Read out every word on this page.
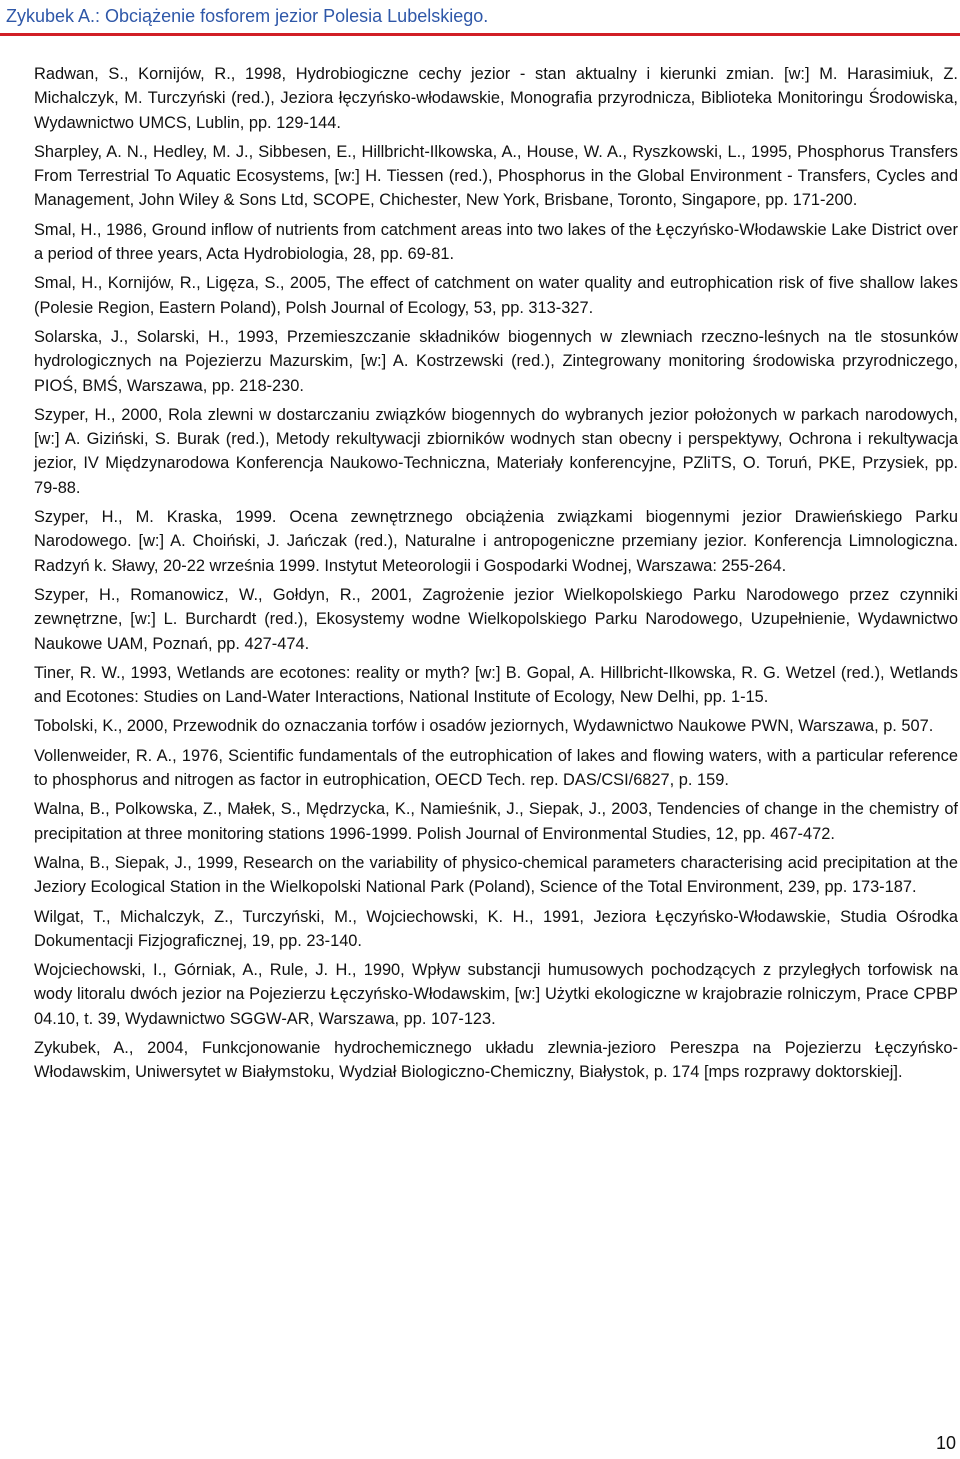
Zykubek A.: Obciążenie fosforem jezior Polesia Lubelskiego.

Radwan, S., Kornijów, R., 1998, Hydrobiogiczne cechy jezior - stan aktualny i kierunki zmian. [w:] M. Harasimiuk, Z. Michalczyk, M. Turczyński (red.), Jeziora łęczyńsko-włodawskie, Monografia przyrodnicza, Biblioteka Monitoringu Środowiska, Wydawnictwo UMCS, Lublin, pp. 129-144.

Sharpley, A. N., Hedley, M. J., Sibbesen, E., Hillbricht-Ilkowska, A., House, W. A., Ryszkowski, L., 1995, Phosphorus Transfers From Terrestrial To Aquatic Ecosystems, [w:] H. Tiessen (red.), Phosphorus in the Global Environment - Transfers, Cycles and Management, John Wiley & Sons Ltd, SCOPE, Chichester, New York, Brisbane, Toronto, Singapore, pp. 171-200.

Smal, H., 1986, Ground inflow of nutrients from catchment areas into two lakes of the Łęczyńsko-Włodawskie Lake District over a period of three years, Acta Hydrobiologia, 28, pp. 69-81.

Smal, H., Kornijów, R., Ligęza, S., 2005, The effect of catchment on water quality and eutrophication risk of five shallow lakes (Polesie Region, Eastern Poland), Polsh Journal of Ecology, 53, pp. 313-327.

Solarska, J., Solarski, H., 1993, Przemieszczanie składników biogennych w zlewniach rzeczno-leśnych na tle stosunków hydrologicznych na Pojezierzu Mazurskim, [w:] A. Kostrzewski (red.), Zintegrowany monitoring środowiska przyrodniczego, PIOŚ, BMŚ, Warszawa, pp. 218-230.

Szyper, H., 2000, Rola zlewni w dostarczaniu związków biogennych do wybranych jezior położonych w parkach narodowych, [w:] A. Giziński, S. Burak (red.), Metody rekultywacji zbiorników wodnych stan obecny i perspektywy, Ochrona i rekultywacja jezior, IV Międzynarodowa Konferencja Naukowo-Techniczna, Materiały konferencyjne, PZliTS, O. Toruń, PKE, Przysiek, pp. 79-88.

Szyper, H., M. Kraska, 1999. Ocena zewnętrznego obciążenia związkami biogennymi jezior Drawieńskiego Parku Narodowego. [w:] A. Choiński, J. Jańczak (red.), Naturalne i antropogeniczne przemiany jezior. Konferencja Limnologiczna. Radzyń k. Sławy, 20-22 września 1999. Instytut Meteorologii i Gospodarki Wodnej, Warszawa: 255-264.

Szyper, H., Romanowicz, W., Gołdyn, R., 2001, Zagrożenie jezior Wielkopolskiego Parku Narodowego przez czynniki zewnętrzne, [w:] L. Burchardt (red.), Ekosystemy wodne Wielkopolskiego Parku Narodowego, Uzupełnienie, Wydawnictwo Naukowe UAM, Poznań, pp. 427-474.

Tiner, R. W., 1993, Wetlands are ecotones: reality or myth? [w:] B. Gopal, A. Hillbricht-Ilkowska, R. G. Wetzel (red.), Wetlands and Ecotones: Studies on Land-Water Interactions, National Institute of Ecology, New Delhi, pp. 1-15.

Tobolski, K., 2000, Przewodnik do oznaczania torfów i osadów jeziornych, Wydawnictwo Naukowe PWN, Warszawa, p. 507.

Vollenweider, R. A., 1976, Scientific fundamentals of the eutrophication of lakes and flowing waters, with a particular reference to phosphorus and nitrogen as factor in eutrophication, OECD Tech. rep. DAS/CSI/6827, p. 159.

Walna, B., Polkowska, Z., Małek, S., Mędrzycka, K., Namieśnik, J., Siepak, J., 2003, Tendencies of change in the chemistry of precipitation at three monitoring stations 1996-1999. Polish Journal of Environmental Studies, 12, pp. 467-472.

Walna, B., Siepak, J., 1999, Research on the variability of physico-chemical parameters characterising acid precipitation at the Jeziory Ecological Station in the Wielkopolski National Park (Poland), Science of the Total Environment, 239, pp. 173-187.

Wilgat, T., Michalczyk, Z., Turczyński, M., Wojciechowski, K. H., 1991, Jeziora Łęczyńsko-Włodawskie, Studia Ośrodka Dokumentacji Fizjograficznej, 19, pp. 23-140.

Wojciechowski, I., Górniak, A., Rule, J. H., 1990, Wpływ substancji humusowych pochodzących z przyległych torfowisk na wody litoralu dwóch jezior na Pojezierzu Łęczyńsko-Włodawskim, [w:] Użytki ekologiczne w krajobrazie rolniczym, Prace CPBP 04.10, t. 39, Wydawnictwo SGGW-AR, Warszawa, pp. 107-123.

Zykubek, A., 2004, Funkcjonowanie hydrochemicznego układu zlewnia-jezioro Pereszpa na Pojezierzu Łęczyńsko-Włodawskim, Uniwersytet w Białymstoku, Wydział Biologiczno-Chemiczny, Białystok, p. 174 [mps rozprawy doktorskiej].

10
